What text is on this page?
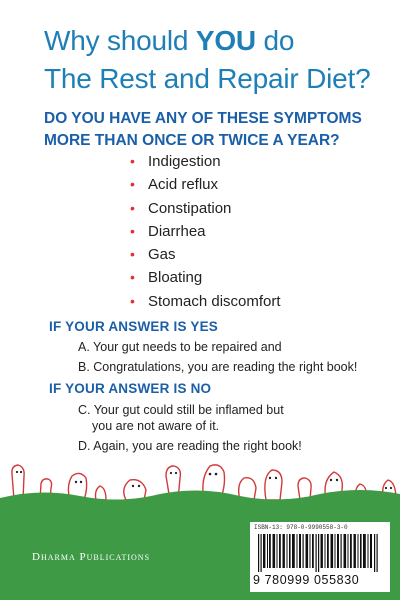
Why should YOU do
The Rest and Repair Diet?
DO YOU HAVE ANY OF THESE SYMPTOMS
MORE THAN ONCE OR TWICE A YEAR?
• Indigestion
• Acid reflux
• Constipation
• Diarrhea
• Gas
• Bloating
• Stomach discomfort
IF YOUR ANSWER IS YES
A. Your gut needs to be repaired and
B. Congratulations, you are reading the right book!
IF YOUR ANSWER IS NO
C. Your gut could still be inflamed but
you are not aware of it.
D. Again, you are reading the right book!
Dharma Publications
ISBN-13: 978-0-9990558-3-0
9 780999 055830
